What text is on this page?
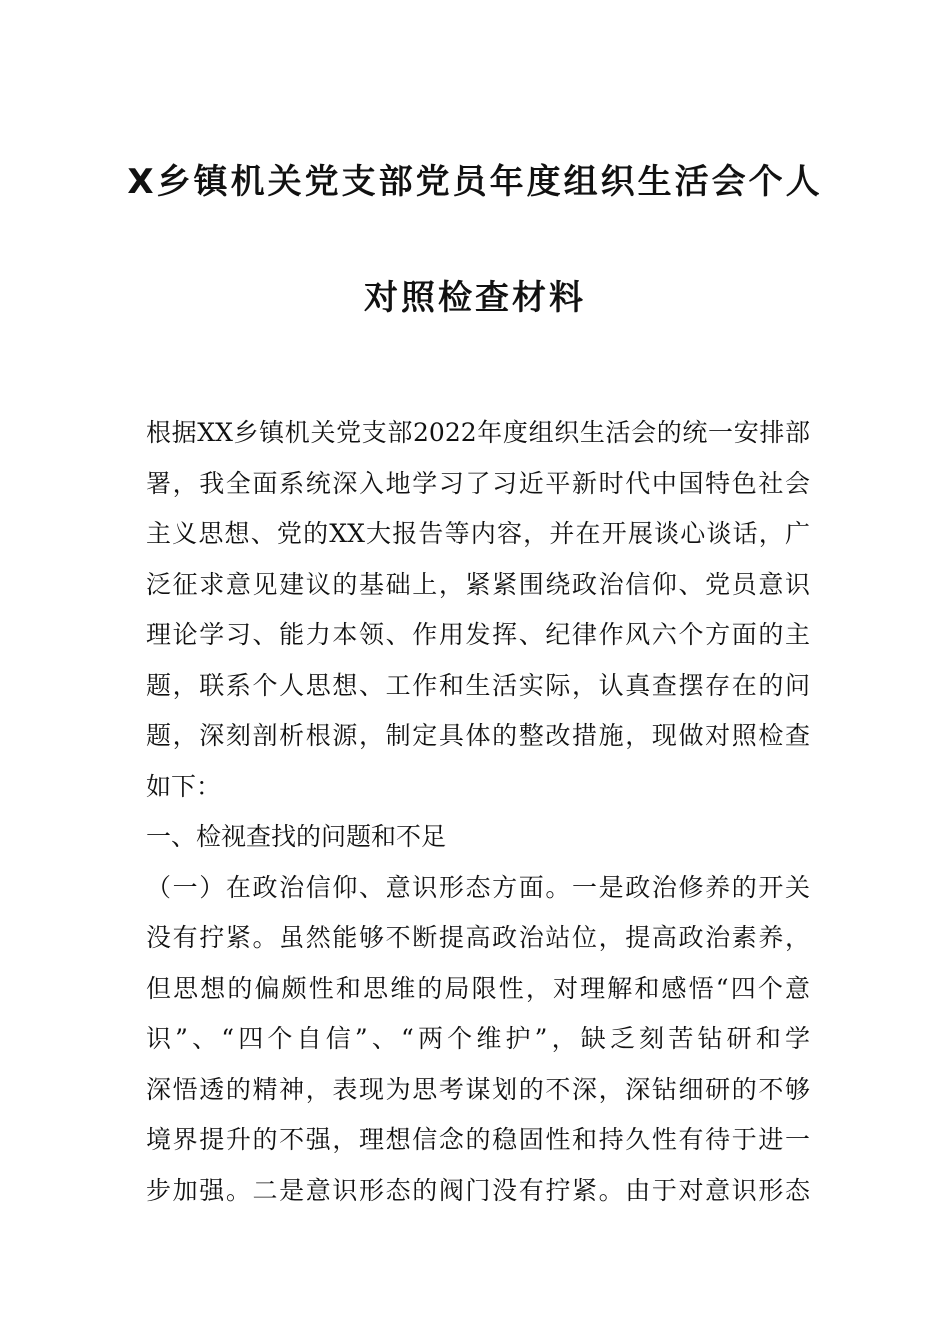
X乡镇机关党支部党员年度组织生活会个人
对照检查材料
根据XX乡镇机关党支部2022年度组织生活会的统一安排部
署，我全面系统深入地学习了习近平新时代中国特色社会
主义思想、党的XX大报告等内容，并在开展谈心谈话，广
泛征求意见建议的基础上，紧紧围绕政治信仰、党员意识
理论学习、能力本领、作用发挥、纪律作风六个方面的主
题，联系个人思想、工作和生活实际，认真查摆存在的问
题，深刻剖析根源，制定具体的整改措施，现做对照检查
如下：
一、检视查找的问题和不足
（一）在政治信仰、意识形态方面。一是政治修养的开关
没有拧紧。虽然能够不断提高政治站位，提高政治素养，
但思想的偏颇性和思维的局限性，对理解和感悟“四个意
识”、“四个自信”、“两个维护”，缺乏刻苦钻研和学
深悟透的精神，表现为思考谋划的不深，深钻细研的不够
境界提升的不强，理想信念的稳固性和持久性有待于进一
步加强。二是意识形态的阀门没有拧紧。由于对意识形态
